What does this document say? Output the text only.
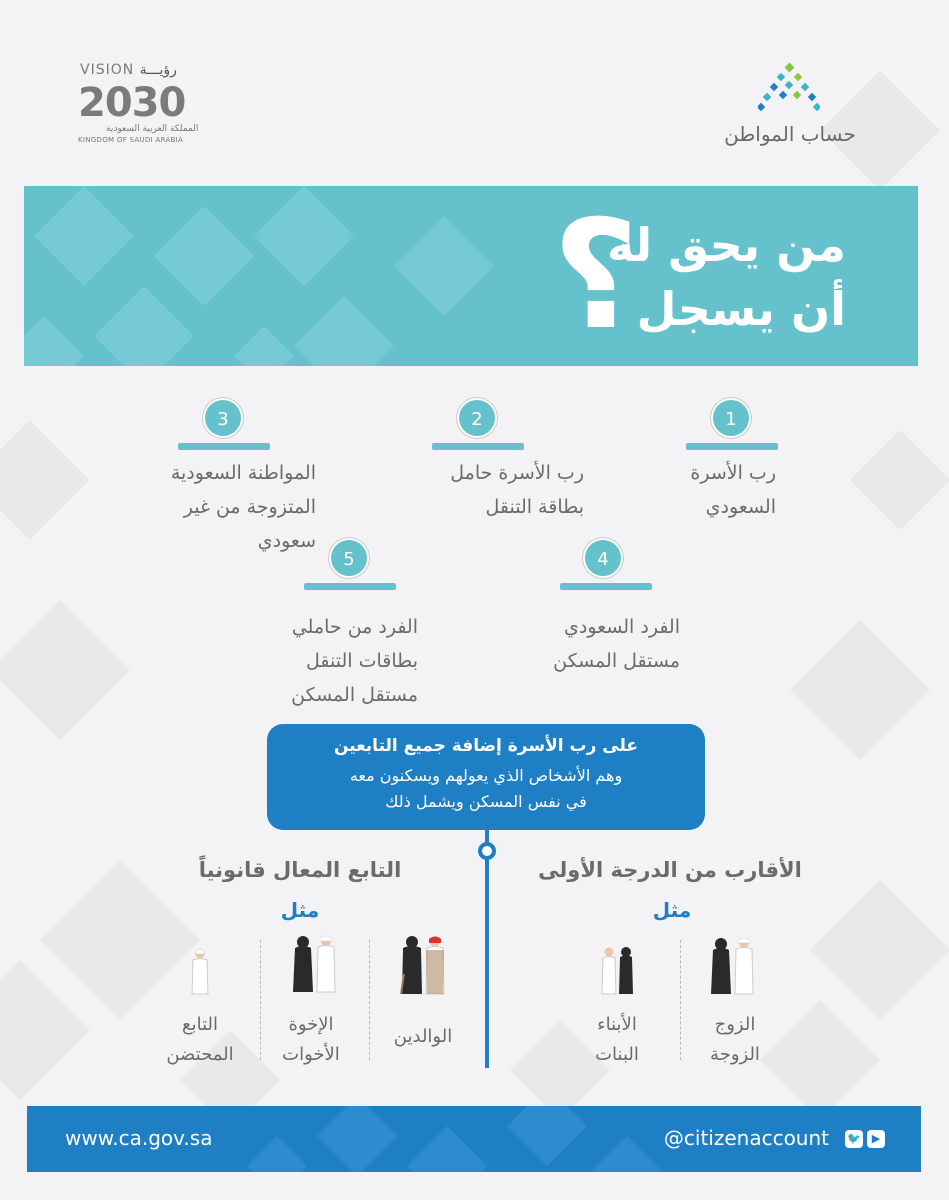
VISION رؤيـــة
2030
المملكة العربية السعودية
KINGDOM OF SAUDI ARABIA	حساب المواطن
؟
من يحق له
أن يسجل
1
رب الأسرة
السعودي
2
رب الأسرة حامل
بطاقة التنقل
3
المواطنة السعودية
المتزوجة من غير
سعودي
4
الفرد السعودي
مستقل المسكن
5
الفرد من حاملي
بطاقات التنقل
مستقل المسكن
على رب الأسرة إضافة جميع التابعين
وهم الأشخاص الذي يعولهم ويسكنون معه
في نفس المسكن ويشمل ذلك
الأقارب من الدرجة الأولى
مثل
التابع المعال قانونياً
مثل
الزوج
الزوجة
الأبناء
البنات
الوالدين
الإخوة
الأخوات
التابع
المحتضن
www.ca.gov.sa	@citizenaccount 🐦 ▶
